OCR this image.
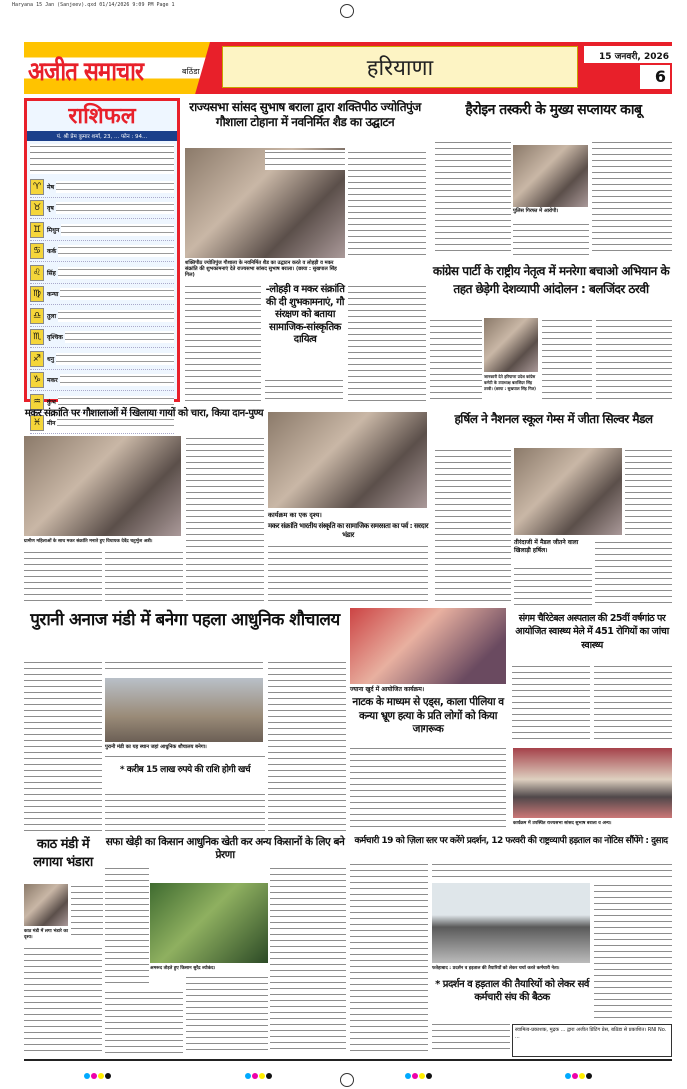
Haryana 15 Jan (Sanjeev).qxd 01/14/2026 9:09 PM Page 1
अजीत समाचार	बठिंडा	हरियाणा	15 जनवरी, 2026
6
राशिफल
पं. श्री प्रेम कुमार शर्मा, 23, ... फोन : 94...
♈ मेष
♉ वृष
♊ मिथुन
♋ कर्क
♌ सिंह
♍ कन्या
♎ तुला
♏ वृश्चिक
♐ धनु
♑ मकर
♒ कुंभ
♓ मीन
राज्यसभा सांसद सुभाष बराला द्वारा शक्तिपीठ ज्योतिपुंज गौशाला टोहाना में नवनिर्मित शैड का उद्घाटन
शक्तिपीठ ज्योतिपुंज गौशाला के नवनिर्मित शैड का उद्घाटन करते व लोहड़ी व मकर संक्रांति की शुभकामनाएं देते राज्यसभा सांसद सुभाष बराला। (छाया : सुखपाल सिंह गिल)
-लोहड़ी व मकर संक्रांति की दी शुभकामनाएं, गौ संरक्षण को बताया सामाजिक-सांस्कृतिक दायित्व
हैरोइन तस्करी के मुख्य सप्लायर काबू
पुलिस गिरफ्त में आरोपी।
कांग्रेस पार्टी के राष्ट्रीय नेतृत्व में मनरेगा बचाओ अभियान के तहत छेड़ेगी देशव्यापी आंदोलन : बलजिंदर ठरवी
जानकारी देते हरियाणा प्रदेश कांग्रेस कमेटी के उपाध्यक्ष बलजिंदर सिंह ठरवी। (छाया : सुखपाल सिंह गिल)
मकर संक्रांति पर गौशालाओं में खिलाया गायों को चारा, किया दान-पुण्य
ग्रामीण महिलाओं के साथ मकर संक्रांति मनाते हुए विधायक देवेंद्र चतुर्भुज अत्री।
कार्यक्रम का एक दृश्य।
मकर संक्रांति भारतीय संस्कृति का सामाजिक समरसता का पर्व : सरदार भंडार
हर्षिल ने नैशनल स्कूल गेम्स में जीता सिल्वर मैडल
तीरंदाजी में मैडल जीतने वाला खिलाड़ी हर्षिल।
पुरानी अनाज मंडी में बनेगा पहला आधुनिक शौचालय
पुरानी मंडी का यह स्थान जहां आधुनिक शौचालय बनेगा।
* करीब 15 लाख रुपये की राशि होगी खर्च
ज्याना खुर्द में आयोजित कार्यक्रम।
नाटक के माध्यम से एड्स, काला पीलिया व कन्या भ्रूण हत्या के प्रति लोगों को किया जागरूक
संगम चैरिटेबल अस्पताल की 25वीं वर्षगांठ पर आयोजित स्वास्थ्य मेले में 451 रोगियों का जांचा स्वास्थ्य
कार्यक्रम में उपस्थित राज्यसभा सांसद सुभाष बराला व अन्य।
काठ मंडी में लगाया भंडारा
काठ मंडी में लगा भंडारे का दृश्य।
सफा खेड़ी का किसान आधुनिक खेती कर अन्य किसानों के लिए बने प्रेरणा
अमरूद तोड़ते हुए किसान सुरेंद्र श्योकंद।
कर्मचारी 19 को ज़िला स्तर पर करेंगे प्रदर्शन, 12 फरवरी की राष्ट्रव्यापी हड़ताल का नोटिस सौंपेंगे : दुसाद
फतेहाबाद : प्रदर्शन व हड़ताल की तैयारियों को लेकर चर्चा करते कर्मचारी नेता।
* प्रदर्शन व हड़ताल की तैयारियों को लेकर सर्व कर्मचारी संघ की बैठक
स्वामित्व-प्रकाशक, मुद्रक ... द्वारा अजीत प्रिंटिंग प्रेस, बठिंडा से प्रकाशित। RNI No. ...
